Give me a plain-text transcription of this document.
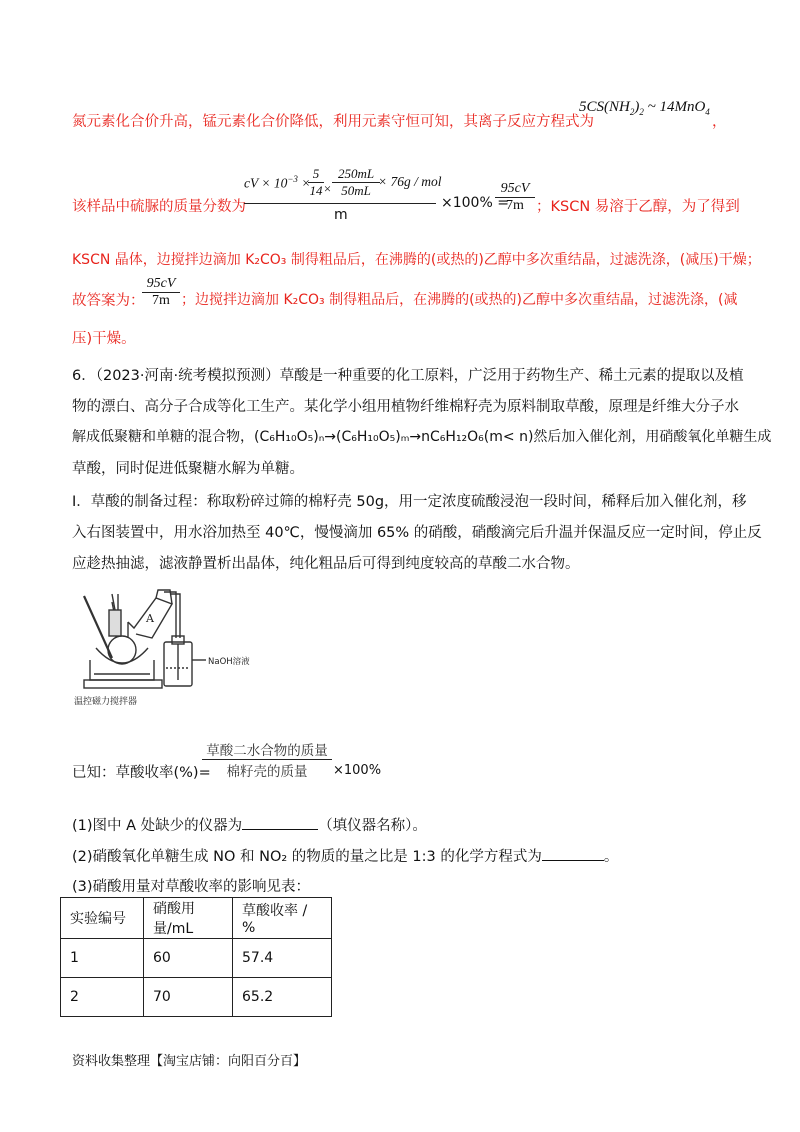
氮元素化合价升高，锰元素化合价降低，利用元素守恒可知，其离子反应方程式为
$5CS(NH_2)_2$ ~ 14MnO$_4$
，
该样品中硫脲的质量分数为
cV × $10^{-3}$ ×
$\frac{5}{14} \times \frac{250mL}{50mL}$
× 76g / mol
m
×100% =
$\frac{95cV}{7m}$ ；KSCN 易溶于乙醇，为了得到
KSCN 晶体，边搅拌边滴加 K₂CO₃ 制得粗品后，在沸腾的(或热的)乙醇中多次重结晶，过滤洗涤，(减压)干燥；
故答案为：
$\frac{95cV}{7m}$ ；边搅拌边滴加 K₂CO₃ 制得粗品后，在沸腾的(或热的)乙醇中多次重结晶，过滤洗涤，(减
压)干燥。
6．（2023·河南·统考模拟预测）草酸是一种重要的化工原料，广泛用于药物生产、稀土元素的提取以及植
物的漂白、高分子合成等化工生产。某化学小组用植物纤维棉籽壳为原料制取草酸，原理是纤维大分子水
解成低聚糖和单糖的混合物，(C₆H₁₀O₅)ₙ→(C₆H₁₀O₅)ₘ→nC₆H₁₂O₆(m< n)然后加入催化剂，用硝酸氧化单糖生成
草酸，同时促进低聚糖水解为单糖。
I．草酸的制备过程：称取粉碎过筛的棉籽壳 50g，用一定浓度硫酸浸泡一段时间，稀释后加入催化剂，移
入右图装置中，用水浴加热至 40℃，慢慢滴加 65% 的硝酸，硝酸滴完后升温并保温反应一定时间，停止反
应趁热抽滤，滤液静置析出晶体，纯化粗品后可得到纯度较高的草酸二水合物。
A
NaOH溶液
温控磁力搅拌器
已知：草酸收率(%)=
草酸二水合物的质量
棉籽壳的质量	×100%
(1)图中 A 处缺少的仪器为	（填仪器名称）。
(2)硝酸氧化单糖生成 NO 和 NO₂ 的物质的量之比是 1:3 的化学方程式为	。
(3)硝酸用量对草酸收率的影响见表：
实验编号	硝酸用量/mL	草酸收率 / %
1	60	57.4
2	70	65.2
资料收集整理【淘宝店铺：向阳百分百】
